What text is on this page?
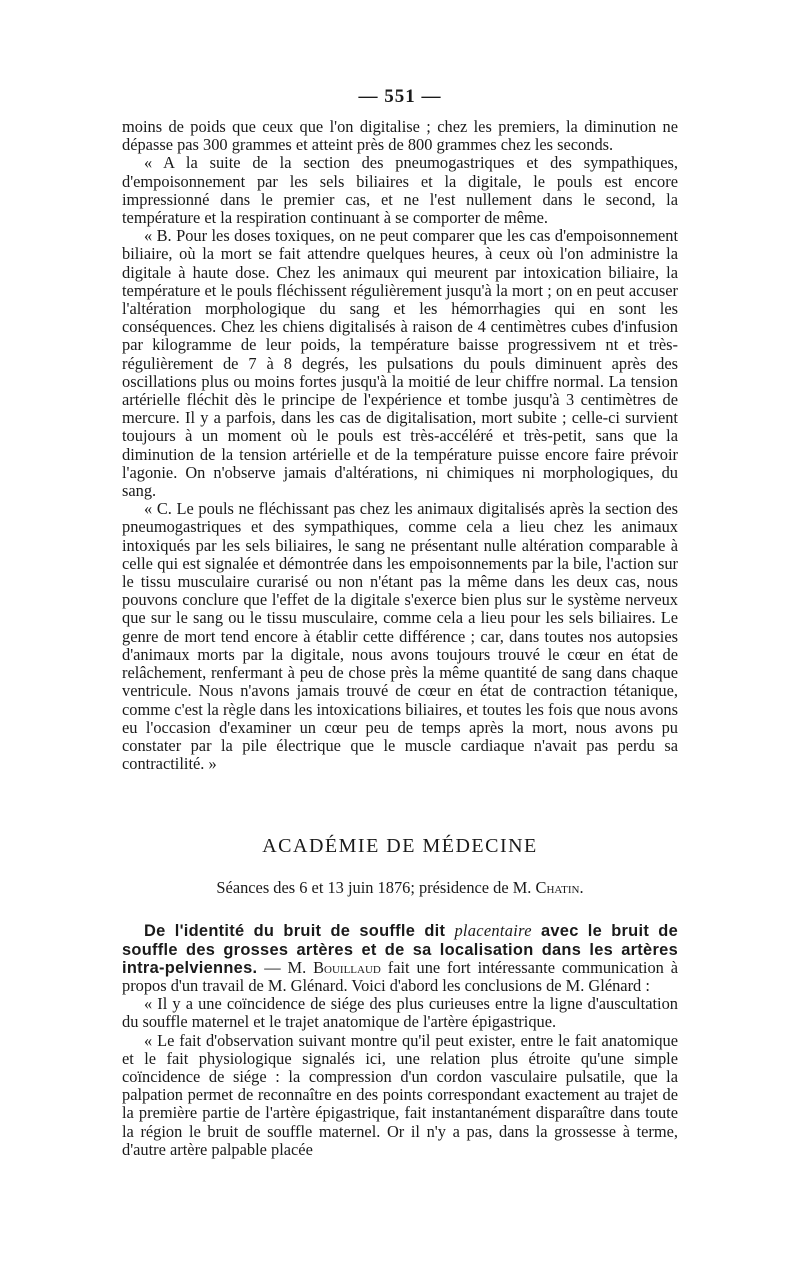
— 551 —

moins de poids que ceux que l'on digitalise ; chez les premiers, la diminution ne dépasse pas 300 grammes et atteint près de 800 grammes chez les seconds.

« A la suite de la section des pneumogastriques et des sympathiques, d'empoisonnement par les sels biliaires et la digitale, le pouls est encore impressionné dans le premier cas, et ne l'est nullement dans le second, la température et la respiration continuant à se comporter de même.

« B. Pour les doses toxiques, on ne peut comparer que les cas d'empoisonnement biliaire, où la mort se fait attendre quelques heures, à ceux où l'on administre la digitale à haute dose. Chez les animaux qui meurent par intoxication biliaire, la température et le pouls fléchissent régulièrement jusqu'à la mort ; on en peut accuser l'altération morphologique du sang et les hémorrhagies qui en sont les conséquences. Chez les chiens digitalisés à raison de 4 centimètres cubes d'infusion par kilogramme de leur poids, la température baisse progressivem nt et très-régulièrement de 7 à 8 degrés, les pulsations du pouls diminuent après des oscillations plus ou moins fortes jusqu'à la moitié de leur chiffre normal. La tension artérielle fléchit dès le principe de l'expérience et tombe jusqu'à 3 centimètres de mercure. Il y a parfois, dans les cas de digitalisation, mort subite ; celle-ci survient toujours à un moment où le pouls est très-accéléré et très-petit, sans que la diminution de la tension artérielle et de la température puisse encore faire prévoir l'agonie. On n'observe jamais d'altérations, ni chimiques ni morphologiques, du sang.

« C. Le pouls ne fléchissant pas chez les animaux digitalisés après la section des pneumogastriques et des sympathiques, comme cela a lieu chez les animaux intoxiqués par les sels biliaires, le sang ne présentant nulle altération comparable à celle qui est signalée et démontrée dans les empoisonnements par la bile, l'action sur le tissu musculaire curarisé ou non n'étant pas la même dans les deux cas, nous pouvons conclure que l'effet de la digitale s'exerce bien plus sur le système nerveux que sur le sang ou le tissu musculaire, comme cela a lieu pour les sels biliaires. Le genre de mort tend encore à établir cette différence ; car, dans toutes nos autopsies d'animaux morts par la digitale, nous avons toujours trouvé le cœur en état de relâchement, renfermant à peu de chose près la même quantité de sang dans chaque ventricule. Nous n'avons jamais trouvé de cœur en état de contraction tétanique, comme c'est la règle dans les intoxications biliaires, et toutes les fois que nous avons eu l'occasion d'examiner un cœur peu de temps après la mort, nous avons pu constater par la pile électrique que le muscle cardiaque n'avait pas perdu sa contractilité. »

ACADÉMIE DE MÉDECINE
Séances des 6 et 13 juin 1876; présidence de M. Chatin.

De l'identité du bruit de souffle dit placentaire avec le bruit de souffle des grosses artères et de sa localisation dans les artères intra-pelviennes. — M. Bouillaud fait une fort intéressante communication à propos d'un travail de M. Glénard. Voici d'abord les conclusions de M. Glénard :

« Il y a une coïncidence de siége des plus curieuses entre la ligne d'auscultation du souffle maternel et le trajet anatomique de l'artère épigastrique.

« Le fait d'observation suivant montre qu'il peut exister, entre le fait anatomique et le fait physiologique signalés ici, une relation plus étroite qu'une simple coïncidence de siége : la compression d'un cordon vasculaire pulsatile, que la palpation permet de reconnaître en des points correspondant exactement au trajet de la première partie de l'artère épigastrique, fait instantanément disparaître dans toute la région le bruit de souffle maternel. Or il n'y a pas, dans la grossesse à terme, d'autre artère palpable placée
